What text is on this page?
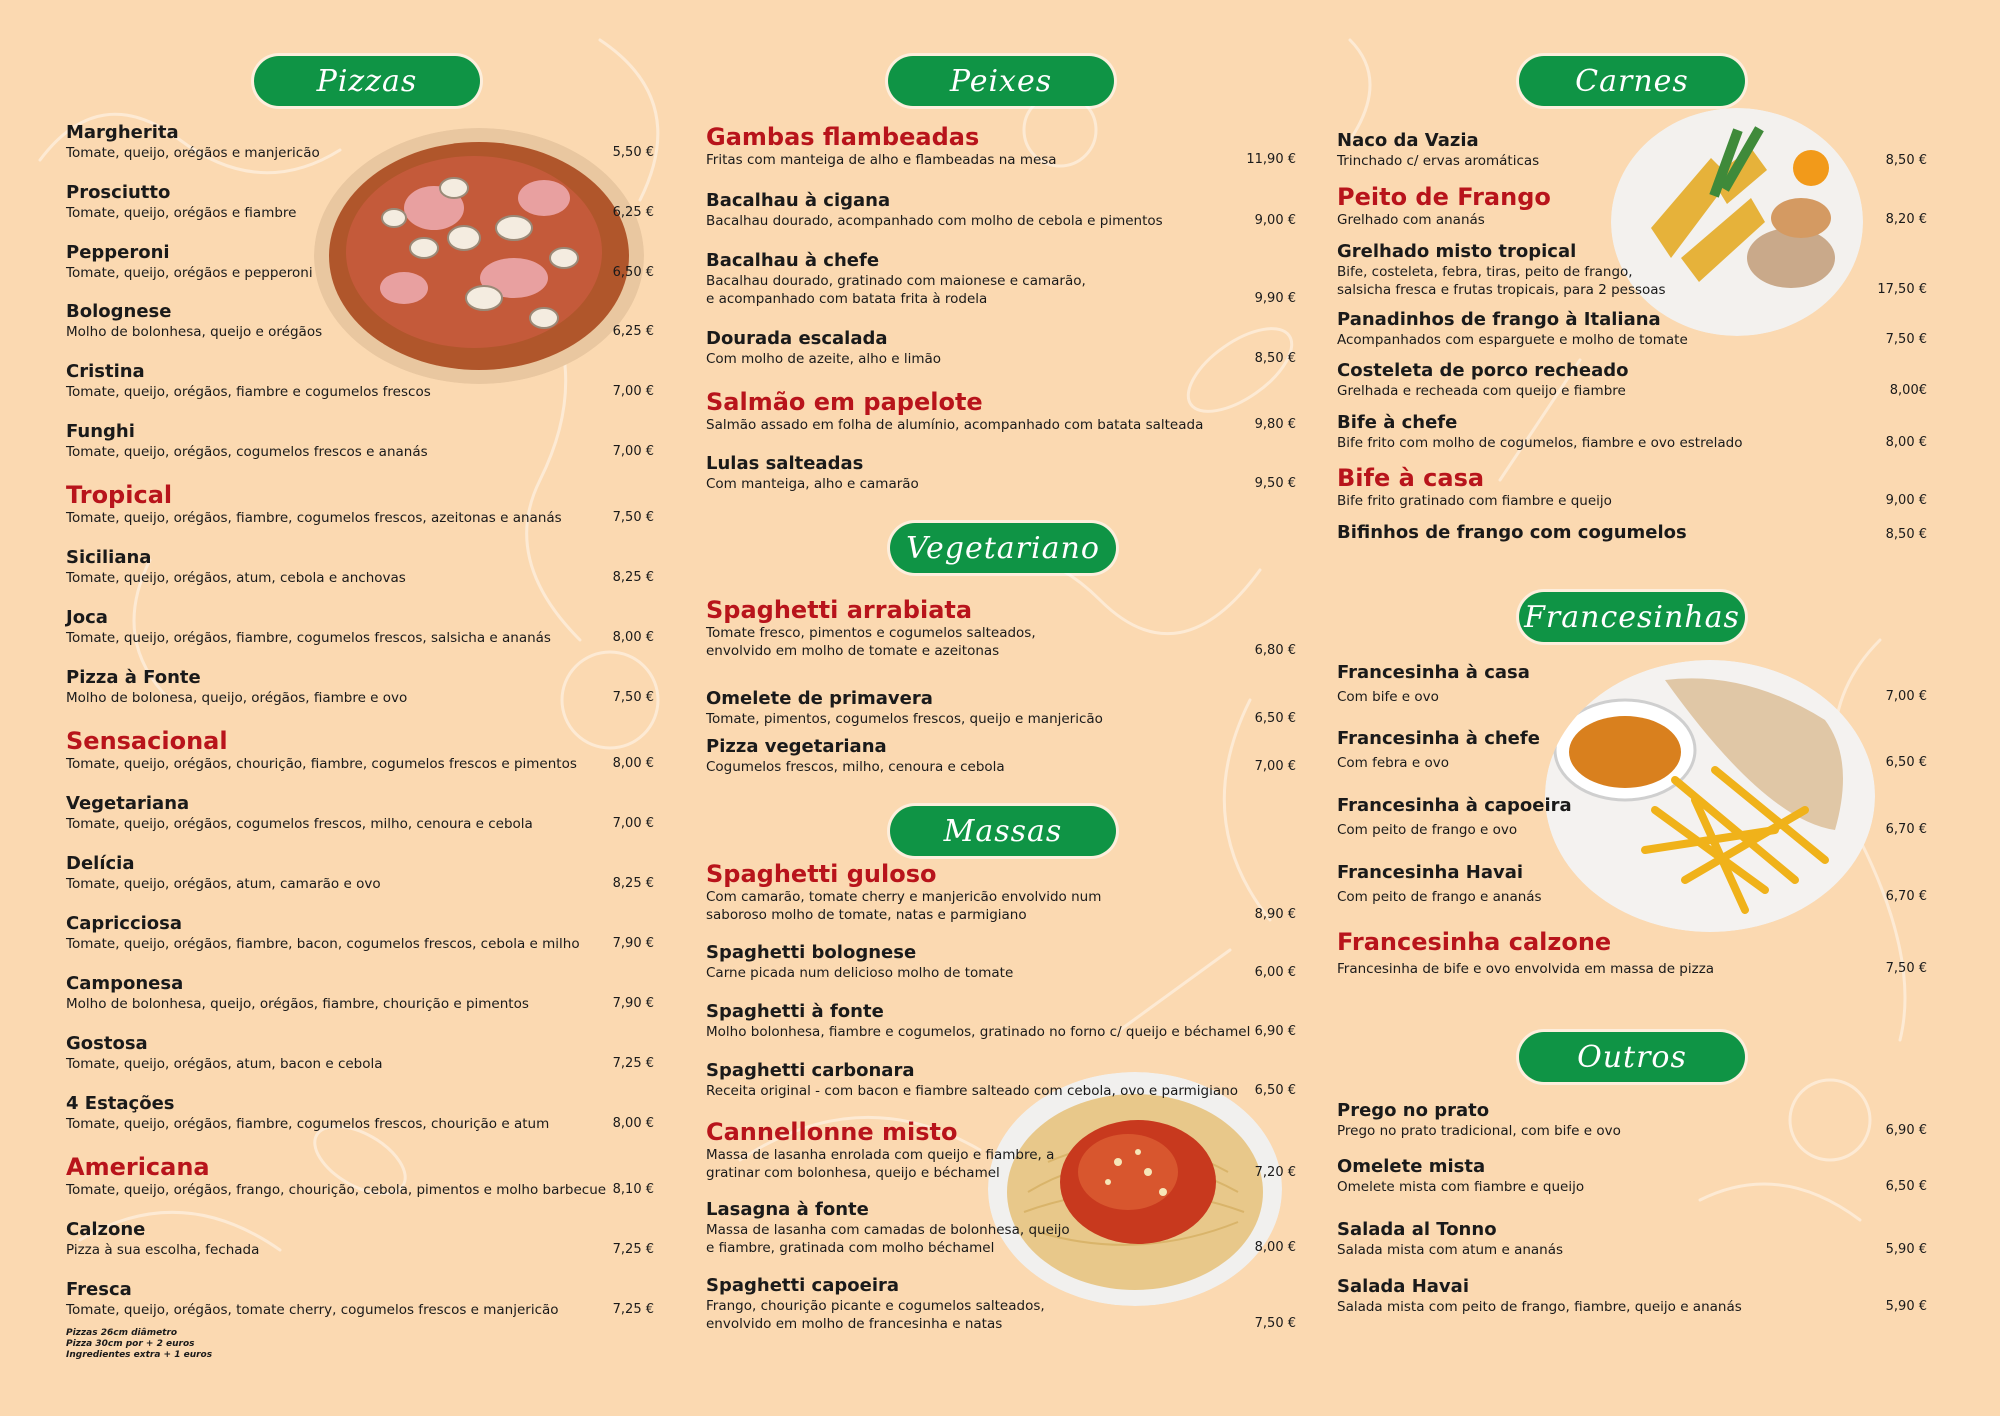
Pizzas
Margherita
Tomate, queijo, orégãos e manjericão	5,50 €
Prosciutto
Tomate, queijo, orégãos e fiambre	6,25 €
Pepperoni
Tomate, queijo, orégãos e pepperoni	6,50 €
Bolognese
Molho de bolonhesa, queijo e orégãos	6,25 €
Cristina
Tomate, queijo, orégãos, fiambre e cogumelos frescos	7,00 €
Funghi
Tomate, queijo, orégãos, cogumelos frescos e ananás	7,00 €
Tropical
Tomate, queijo, orégãos, fiambre, cogumelos frescos, azeitonas e ananás	7,50 €
Siciliana
Tomate, queijo, orégãos, atum, cebola e anchovas	8,25 €
Joca
Tomate, queijo, orégãos, fiambre, cogumelos frescos, salsicha e ananás	8,00 €
Pizza à Fonte
Molho de bolonesa, queijo, orégãos, fiambre e ovo	7,50 €
Sensacional
Tomate, queijo, orégãos, chourição, fiambre, cogumelos frescos e pimentos	8,00 €
Vegetariana
Tomate, queijo, orégãos, cogumelos frescos, milho, cenoura e cebola	7,00 €
Delícia
Tomate, queijo, orégãos, atum, camarão e ovo	8,25 €
Capricciosa
Tomate, queijo, orégãos, fiambre, bacon, cogumelos frescos, cebola e milho	7,90 €
Camponesa
Molho de bolonhesa, queijo, orégãos, fiambre, chourição e pimentos	7,90 €
Gostosa
Tomate, queijo, orégãos, atum, bacon e cebola	7,25 €
4 Estações
Tomate, queijo, orégãos, fiambre, cogumelos frescos, chourição e atum	8,00 €
Americana
Tomate, queijo, orégãos, frango, chourição, cebola, pimentos e molho barbecue 8,10 €
Calzone
Pizza à sua escolha, fechada	7,25 €
Fresca
Tomate, queijo, orégãos, tomate cherry, cogumelos frescos e manjericão	7,25 €
Pizzas 26cm diâmetro
Pizza 30cm por + 2 euros
Ingredientes extra + 1 euros
Peixes
Vegetariano
Massas
Gambas flambeadas
Fritas com manteiga de alho e flambeadas na mesa	11,90 €
Bacalhau à cigana
Bacalhau dourado, acompanhado com molho de cebola e pimentos	9,00 €
Bacalhau à chefe
Bacalhau dourado, gratinado com maionese e camarão,
e acompanhado com batata frita à rodela	9,90 €
Dourada escalada
Com molho de azeite, alho e limão	8,50 €
Salmão em papelote
Salmão assado em folha de alumínio, acompanhado com batata salteada	9,80 €
Lulas salteadas
Com manteiga, alho e camarão	9,50 €
Spaghetti arrabiata
Tomate fresco, pimentos e cogumelos salteados,
envolvido em molho de tomate e azeitonas	6,80 €
Omelete de primavera
Tomate, pimentos, cogumelos frescos, queijo e manjericão	6,50 €
Pizza vegetariana
Cogumelos frescos, milho, cenoura e cebola	7,00 €
Spaghetti guloso
Com camarão, tomate cherry e manjericão envolvido num
saboroso molho de tomate, natas e parmigiano	8,90 €
Spaghetti bolognese
Carne picada num delicioso molho de tomate	6,00 €
Spaghetti à fonte
Molho bolonhesa, fiambre e cogumelos, gratinado no forno c/ queijo e béchamel 6,90 €
Spaghetti carbonara
Receita original - com bacon e fiambre salteado com cebola, ovo e parmigiano	6,50 €
Cannellonne misto
Massa de lasanha enrolada com queijo e fiambre, a
gratinar com bolonhesa, queijo e béchamel	7,20 €
Lasagna à fonte
Massa de lasanha com camadas de bolonhesa, queijo
e fiambre, gratinada com molho béchamel	8,00 €
Spaghetti capoeira
Frango, chourição picante e cogumelos salteados,
envolvido em molho de francesinha e natas	7,50 €
Carnes
Francesinhas
Outros
Naco da Vazia
Trinchado c/ ervas aromáticas	8,50 €
Peito de Frango
Grelhado com ananás	8,20 €
Grelhado misto tropical
Bife, costeleta, febra, tiras, peito de frango,
salsicha fresca e frutas tropicais, para 2 pessoas	17,50 €
Panadinhos de frango à Italiana
Acompanhados com esparguete e molho de tomate	7,50 €
Costeleta de porco recheado
Grelhada e recheada com queijo e fiambre	8,00€
Bife à chefe
Bife frito com molho de cogumelos, fiambre e ovo estrelado	8,00 €
Bife à casa
Bife frito gratinado com fiambre e queijo	9,00 €
Bifinhos de frango com cogumelos	8,50 €
Francesinha à casa
Com bife e ovo	7,00 €
Francesinha à chefe
Com febra e ovo	6,50 €
Francesinha à capoeira
Com peito de frango e ovo	6,70 €
Francesinha Havai
Com peito de frango e ananás	6,70 €
Francesinha calzone
Francesinha de bife e ovo envolvida em massa de pizza	7,50 €
Prego no prato
Prego no prato tradicional, com bife e ovo	6,90 €
Omelete mista
Omelete mista com fiambre e queijo	6,50 €
Salada al Tonno
Salada mista com atum e ananás	5,90 €
Salada Havai
Salada mista com peito de frango, fiambre, queijo e ananás	5,90 €
